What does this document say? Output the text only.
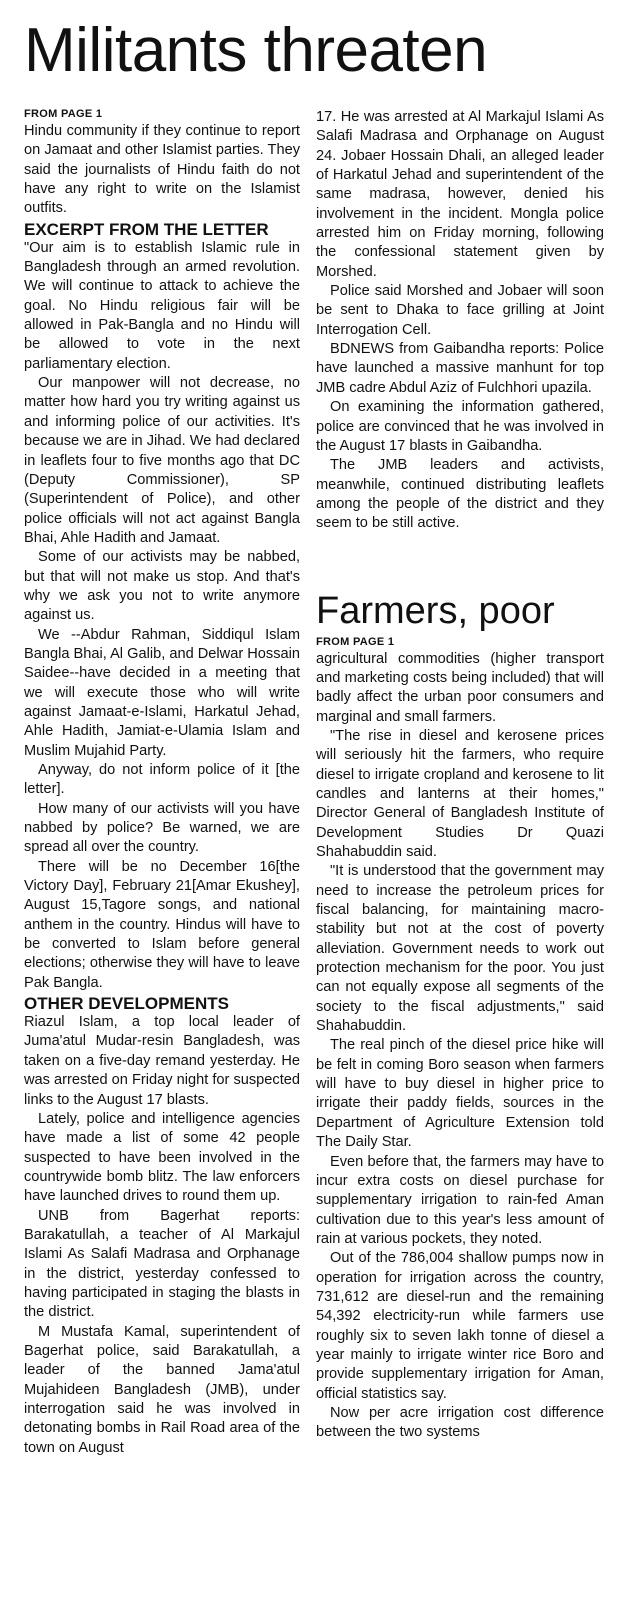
Militants threaten
FROM PAGE 1

Hindu community if they continue to report on Jamaat and other Islamist parties. They said the journalists of Hindu faith do not have any right to write on the Islamist outfits.

EXCERPT FROM THE LETTER

"Our aim is to establish Islamic rule in Bangladesh through an armed revolution. We will continue to attack to achieve the goal. No Hindu religious fair will be allowed in Pak-Bangla and no Hindu will be allowed to vote in the next parliamentary election.

Our manpower will not decrease, no matter how hard you try writing against us and informing police of our activities. It's because we are in Jihad. We had declared in leaflets four to five months ago that DC (Deputy Commissioner), SP (Superintendent of Police), and other police officials will not act against Bangla Bhai, Ahle Hadith and Jamaat.

Some of our activists may be nabbed, but that will not make us stop. And that's why we ask you not to write anymore against us.

We --Abdur Rahman, Siddiqul Islam Bangla Bhai, Al Galib, and Delwar Hossain Saidee--have decided in a meeting that we will execute those who will write against Jamaat-e-Islami, Harkatul Jehad, Ahle Hadith, Jamiat-e-Ulamia Islam and Muslim Mujahid Party.

Anyway, do not inform police of it [the letter].

How many of our activists will you have nabbed by police? Be warned, we are spread all over the country.

There will be no December 16[the Victory Day], February 21[Amar Ekushey], August 15,Tagore songs, and national anthem in the country. Hindus will have to be converted to Islam before general elections; otherwise they will have to leave Pak Bangla.

OTHER DEVELOPMENTS

Riazul Islam, a top local leader of Juma'atul Mudar-resin Bangladesh, was taken on a five-day remand yesterday. He was arrested on Friday night for suspected links to the August 17 blasts.

Lately, police and intelligence agencies have made a list of some 42 people suspected to have been involved in the countrywide bomb blitz. The law enforcers have launched drives to round them up.

UNB from Bagerhat reports: Barakatullah, a teacher of Al Markajul Islami As Salafi Madrasa and Orphanage in the district, yesterday confessed to having participated in staging the blasts in the district.

M Mustafa Kamal, superintendent of Bagerhat police, said Barakatullah, a leader of the banned Jama'atul Mujahideen Bangladesh (JMB), under interrogation said he was involved in detonating bombs in Rail Road area of the town on August

17. He was arrested at Al Markajul Islami As Salafi Madrasa and Orphanage on August 24. Jobaer Hossain Dhali, an alleged leader of Harkatul Jehad and superintendent of the same madrasa, however, denied his involvement in the incident. Mongla police arrested him on Friday morning, following the confessional statement given by Morshed.

Police said Morshed and Jobaer will soon be sent to Dhaka to face grilling at Joint Interrogation Cell.

BDNEWS from Gaibandha reports: Police have launched a massive manhunt for top JMB cadre Abdul Aziz of Fulchhori upazila.

On examining the information gathered, police are convinced that he was involved in the August 17 blasts in Gaibandha.

The JMB leaders and activists, meanwhile, continued distributing leaflets among the people of the district and they seem to be still active.

Farmers, poor
FROM PAGE 1

agricultural commodities (higher transport and marketing costs being included) that will badly affect the urban poor consumers and marginal and small farmers.

"The rise in diesel and kerosene prices will seriously hit the farmers, who require diesel to irrigate cropland and kerosene to lit candles and lanterns at their homes," Director General of Bangladesh Institute of Development Studies Dr Quazi Shahabuddin said.

"It is understood that the government may need to increase the petroleum prices for fiscal balancing, for maintaining macro-stability but not at the cost of poverty alleviation. Government needs to work out protection mechanism for the poor. You just can not equally expose all segments of the society to the fiscal adjustments," said Shahabuddin.

The real pinch of the diesel price hike will be felt in coming Boro season when farmers will have to buy diesel in higher price to irrigate their paddy fields, sources in the Department of Agriculture Extension told The Daily Star.

Even before that, the farmers may have to incur extra costs on diesel purchase for supplementary irrigation to rain-fed Aman cultivation due to this year's less amount of rain at various pockets, they noted.

Out of the 786,004 shallow pumps now in operation for irrigation across the country, 731,612 are diesel-run and the remaining 54,392 electricity-run while farmers use roughly six to seven lakh tonne of diesel a year mainly to irrigate winter rice Boro and provide supplementary irrigation for Aman, official statistics say.

Now per acre irrigation cost difference between the two systems
